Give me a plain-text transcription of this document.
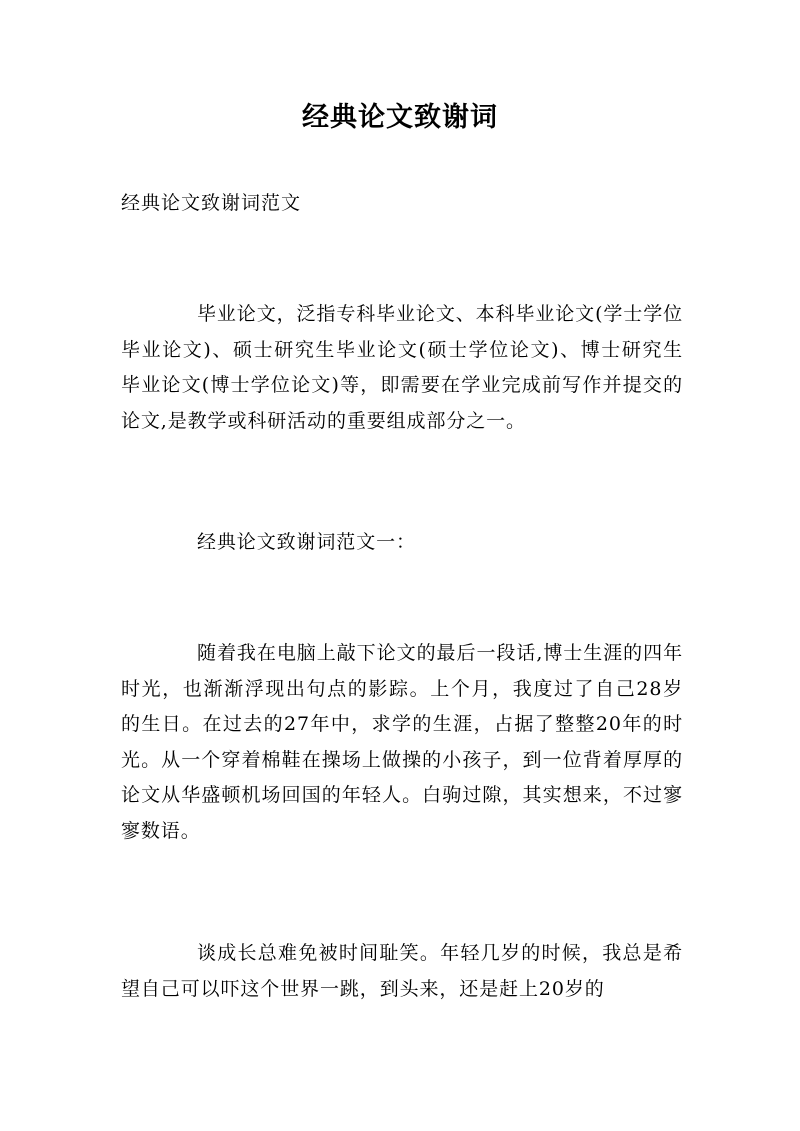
经典论文致谢词
经典论文致谢词范文

毕业论文，泛指专科毕业论文、本科毕业论文(学士学位毕业论文)、硕士研究生毕业论文(硕士学位论文)、博士研究生毕业论文(博士学位论文)等，即需要在学业完成前写作并提交的论文,是教学或科研活动的重要组成部分之一。

经典论文致谢词范文一：

随着我在电脑上敲下论文的最后一段话,博士生涯的四年时光，也渐渐浮现出句点的影踪。上个月，我度过了自己28岁的生日。在过去的27年中，求学的生涯，占据了整整20年的时光。从一个穿着棉鞋在操场上做操的小孩子，到一位背着厚厚的论文从华盛顿机场回国的年轻人。白驹过隙，其实想来，不过寥寥数语。

谈成长总难免被时间耻笑。年轻几岁的时候，我总是希望自己可以吓这个世界一跳，到头来，还是赶上20岁的
